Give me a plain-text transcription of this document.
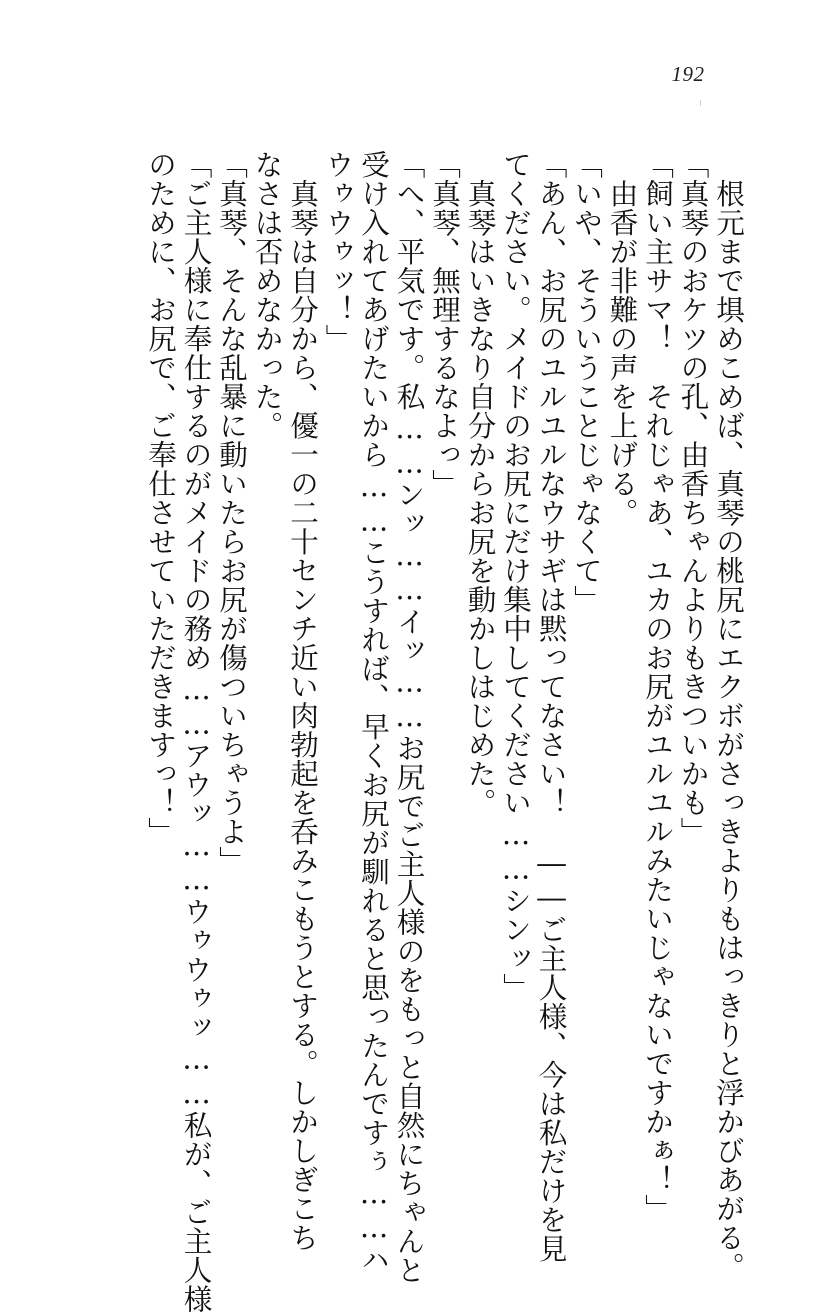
192
　根元まで埧めこめば、真琴の桃尻にエクボがさっきよりもはっきりと浮かびあがる。
「真琴のおケツの孔、由香ちゃんよりもきついかも」
「飼い主サマ！　それじゃあ、ユカのお尻がユルユルみたいじゃないですかぁ！」
　由香が非難の声を上げる。
「いや、そういうことじゃなくて」
「あん、お尻のユルユルなウサギは黙ってなさい！　――ご主人様、今は私だけを見
てください。メイドのお尻にだけ集中してください……シンッ」
　真琴はいきなり自分からお尻を動かしはじめた。
「真琴、無理するなよっ」
「へ、平気です。私……ンッ……イッ……お尻でご主人様のをもっと自然にちゃんと
受け入れてあげたいから……こうすれば、早くお尻が馴れると思ったんですぅ……ハ
ウゥウゥッ！」
　真琴は自分から、優一の二十センチ近い肉勃起を呑みこもうとする。しかしぎこち
なさは否めなかった。
「真琴、そんな乱暴に動いたらお尻が傷ついちゃうよ」
「ご主人様に奉仕するのがメイドの務め……アウッ……ウゥウゥッ……私が、ご主人様
のために、お尻で、ご奉仕させていただきますっ！」
